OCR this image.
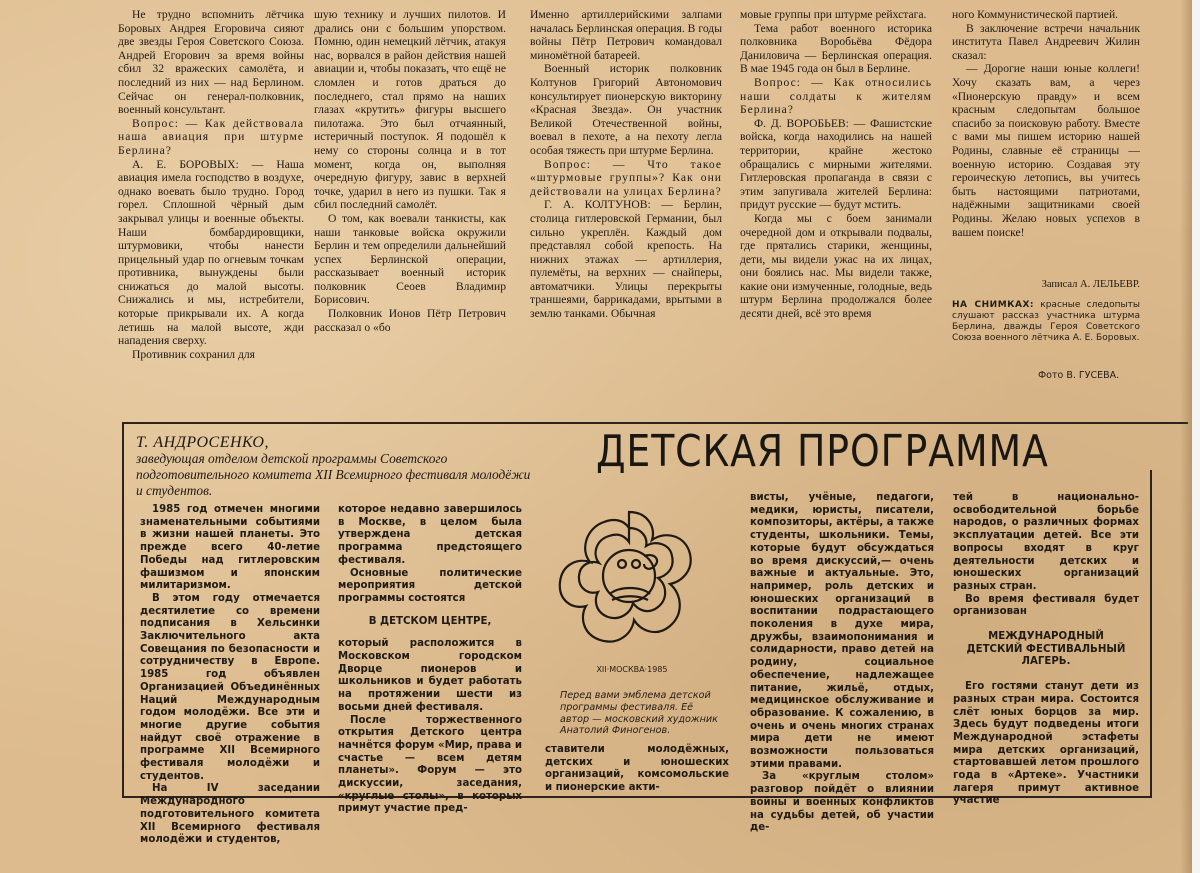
Не трудно вспомнить лётчика Боровых Андрея Егоровича сияют две звезды Героя Советского Союза. Андрей Егорович за время войны сбил 32 вражеских самолёта, и последний из них — над Берлином. Сейчас он генерал-полковник, военный консультант.

Вопрос: — Как действовала наша авиация при штурме Берлина?

А. Е. БОРОВЫХ: — Наша авиация имела господство в воздухе, однако воевать было трудно. Город горел. Сплошной чёрный дым закрывал улицы и военные объекты. Наши бомбардировщики, штурмовики, чтобы нанести прицельный удар по огневым точкам противника, вынуждены были снижаться до малой высоты. Снижались и мы, истребители, которые прикрывали их. А когда летишь на малой высоте, жди нападения сверху.

Противник сохранил для

шую технику и лучших пилотов. И дрались они с большим упорством. Помню, один немецкий лётчик, атакуя нас, ворвался в район действия нашей авиации и, чтобы показать, что ещё не сломлен и готов драться до последнего, стал прямо на наших глазах «крутить» фигуры высшего пилотажа. Это был отчаянный, истеричный поступок. Я подошёл к нему со стороны солнца и в тот момент, когда он, выполняя очередную фигуру, завис в верхней точке, ударил в него из пушки. Так я сбил последний самолёт.

О том, как воевали танкисты, как наши танковые войска окружили Берлин и тем определили дальнейший успех Берлинской операции, рассказывает военный историк полковник Сеоев Владимир Борисович.

Полковник Ионов Пётр Петрович рассказал о «бо

Именно артиллерийскими залпами началась Берлинская операция. В годы войны Пётр Петрович командовал миномётной батареей.

Военный историк полковник Колтунов Григорий Автономович консультирует пионерскую викторину «Красная Звезда». Он участник Великой Отечественной войны, воевал в пехоте, а на пехоту легла особая тяжесть при штурме Берлина.

Вопрос: — Что такое «штурмовые группы»? Как они действовали на улицах Берлина?

Г. А. КОЛТУНОВ: — Берлин, столица гитлеровской Германии, был сильно укреплён. Каждый дом представлял собой крепость. На нижних этажах — артиллерия, пулемёты, на верхних — снайперы, автоматчики. Улицы перекрыты траншеями, баррикадами, врытыми в землю танками. Обычная

мовые группы при штурме рейхстага.

Тема работ военного историка полковника Воробьёва Фёдора Даниловича — Берлинская операция. В мае 1945 года он был в Берлине.

Вопрос: — Как относились наши солдаты к жителям Берлина?

Ф. Д. ВОРОБЬЕВ: — Фашистские войска, когда находились на нашей территории, крайне жестоко обращались с мирными жителями. Гитлеровская пропаганда в связи с этим запугивала жителей Берлина: придут русские — будут мстить.

Когда мы с боем занимали очередной дом и открывали подвалы, где прятались старики, женщины, дети, мы видели ужас на их лицах, они боялись нас. Мы видели также, какие они измученные, голодные, ведь штурм Берлина продолжался более десяти дней, всё это время

ного Коммунистической партией.

В заключение встречи начальник института Павел Андреевич Жилин сказал:

— Дорогие наши юные коллеги! Хочу сказать вам, а через «Пионерскую правду» и всем красным следопытам большое спасибо за поисковую работу. Вместе с вами мы пишем историю нашей Родины, славные её страницы — военную историю. Создавая эту героическую летопись, вы учитесь быть настоящими патриотами, надёжными защитниками своей Родины. Желаю новых успехов в вашем поиске!

Записал А. ЛЕЛЬЕВР.
НА СНИМКАХ: красные следопыты слушают рассказ участника штурма Берлина, дважды Героя Советского Союза военного лётчика А. Е. Боровых.
Фото В. ГУСЕВА.
Т. АНДРОСЕНКО,
заведующая отделом детской программы Советского подготовительного комитета XII Всемирного фестиваля молодёжи и студентов.
ДЕТСКАЯ ПРОГРАММА

1985 год отмечен многими знаменательными событиями в жизни нашей планеты. Это прежде всего 40-летие Победы над гитлеровским фашизмом и японским милитаризмом.

В этом году отмечается десятилетие со времени подписания в Хельсинки Заключительного акта Совещания по безопасности и сотрудничеству в Европе. 1985 год объявлен Организацией Объединённых Наций Международным годом молодёжи. Все эти и многие другие события найдут своё отражение в программе XII Всемирного фестиваля молодёжи и студентов.

На IV заседании Международного подготовительного комитета XII Всемирного фестиваля молодёжи и студентов,

которое недавно завершилось в Москве, в целом была утверждена детская программа предстоящего фестиваля.

Основные политические мероприятия детской программы состоятся

В ДЕТСКОМ ЦЕНТРЕ,

который расположится в Московском городском Дворце пионеров и школьников и будет работать на протяжении шести из восьми дней фестиваля.

После торжественного открытия Детского центра начнётся форум «Мир, права и счастье — всем детям планеты». Форум — это дискуссии, заседания, «круглые столы», в которых примут участие пред-

XII·МОСКВА·1985
Перед вами эмблема детской программы фестиваля. Её автор — московский художник Анатолий Финогенов.

ставители молодёжных, детских и юношеских организаций, комсомольские и пионерские акти-

висты, учёные, педагоги, медики, юристы, писатели, композиторы, актёры, а также студенты, школьники. Темы, которые будут обсуждаться во время дискуссий,— очень важные и актуальные. Это, например, роль детских и юношеских организаций в воспитании подрастающего поколения в духе мира, дружбы, взаимопонимания и солидарности, право детей на родину, социальное обеспечение, надлежащее питание, жильё, отдых, медицинское обслуживание и образование. К сожалению, в очень и очень многих странах мира дети не имеют возможности пользоваться этими правами.

За «круглым столом» разговор пойдёт о влиянии войны и военных конфликтов на судьбы детей, об участии де-

тей в национально-освободительной борьбе народов, о различных формах эксплуатации детей. Все эти вопросы входят в круг деятельности детских и юношеских организаций разных стран.

Во время фестиваля будет организован

МЕЖДУНАРОДНЫЙ ДЕТСКИЙ ФЕСТИВАЛЬНЫЙ ЛАГЕРЬ.

Его гостями станут дети из разных стран мира. Состоится слёт юных борцов за мир. Здесь будут подведены итоги Международной эстафеты мира детских организаций, стартовавшей летом прошлого года в «Артеке». Участники лагеря примут активное участие
